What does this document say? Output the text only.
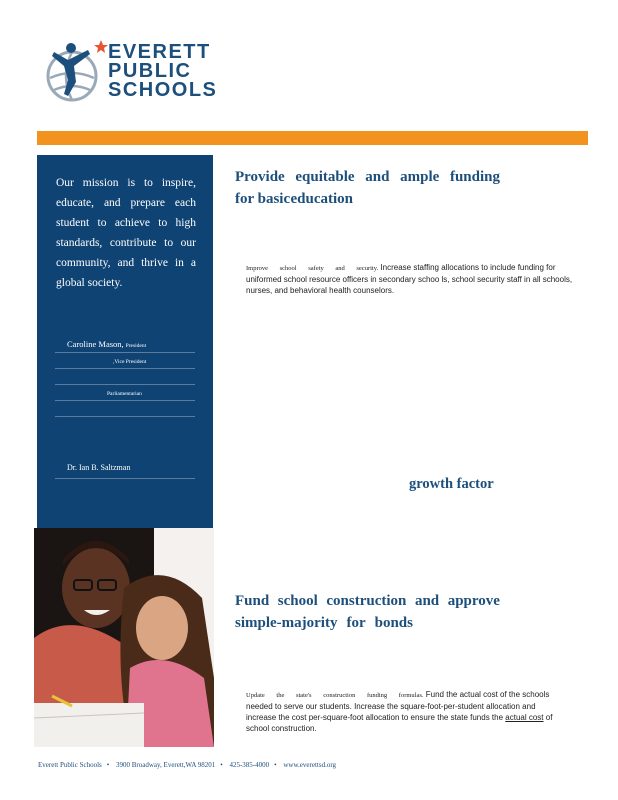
EVERETT
PUBLIC
SCHOOLS
Our mission is to inspire, educate, and prepare each student to achieve to high standards, contribute to our community, and thrive in a global society.
Caroline Mason, President
,Vice President
Parliamentarian
Dr. Ian B. Saltzman
Provide equitable and ample funding
for basic education
Improve school safety and security. Increase staffing allocations to include funding for uniformed school resource officers in secondary schoo ls, school security staff in all schools, nurses, and behavioral health counselors.
growth factor
Fund school construction and approve
simple-majority for bonds
Update the state's construction funding formulas. Fund the actual cost of the schools needed to serve our students. Increase the square-foot-per-student allocation and increase the cost per-square-foot allocation to ensure the state funds the actual cost of school construction.
Everett Public Schools • 3900 Broadway, Everett,WA 98201 • 425-385-4000 • www.everettsd.org
